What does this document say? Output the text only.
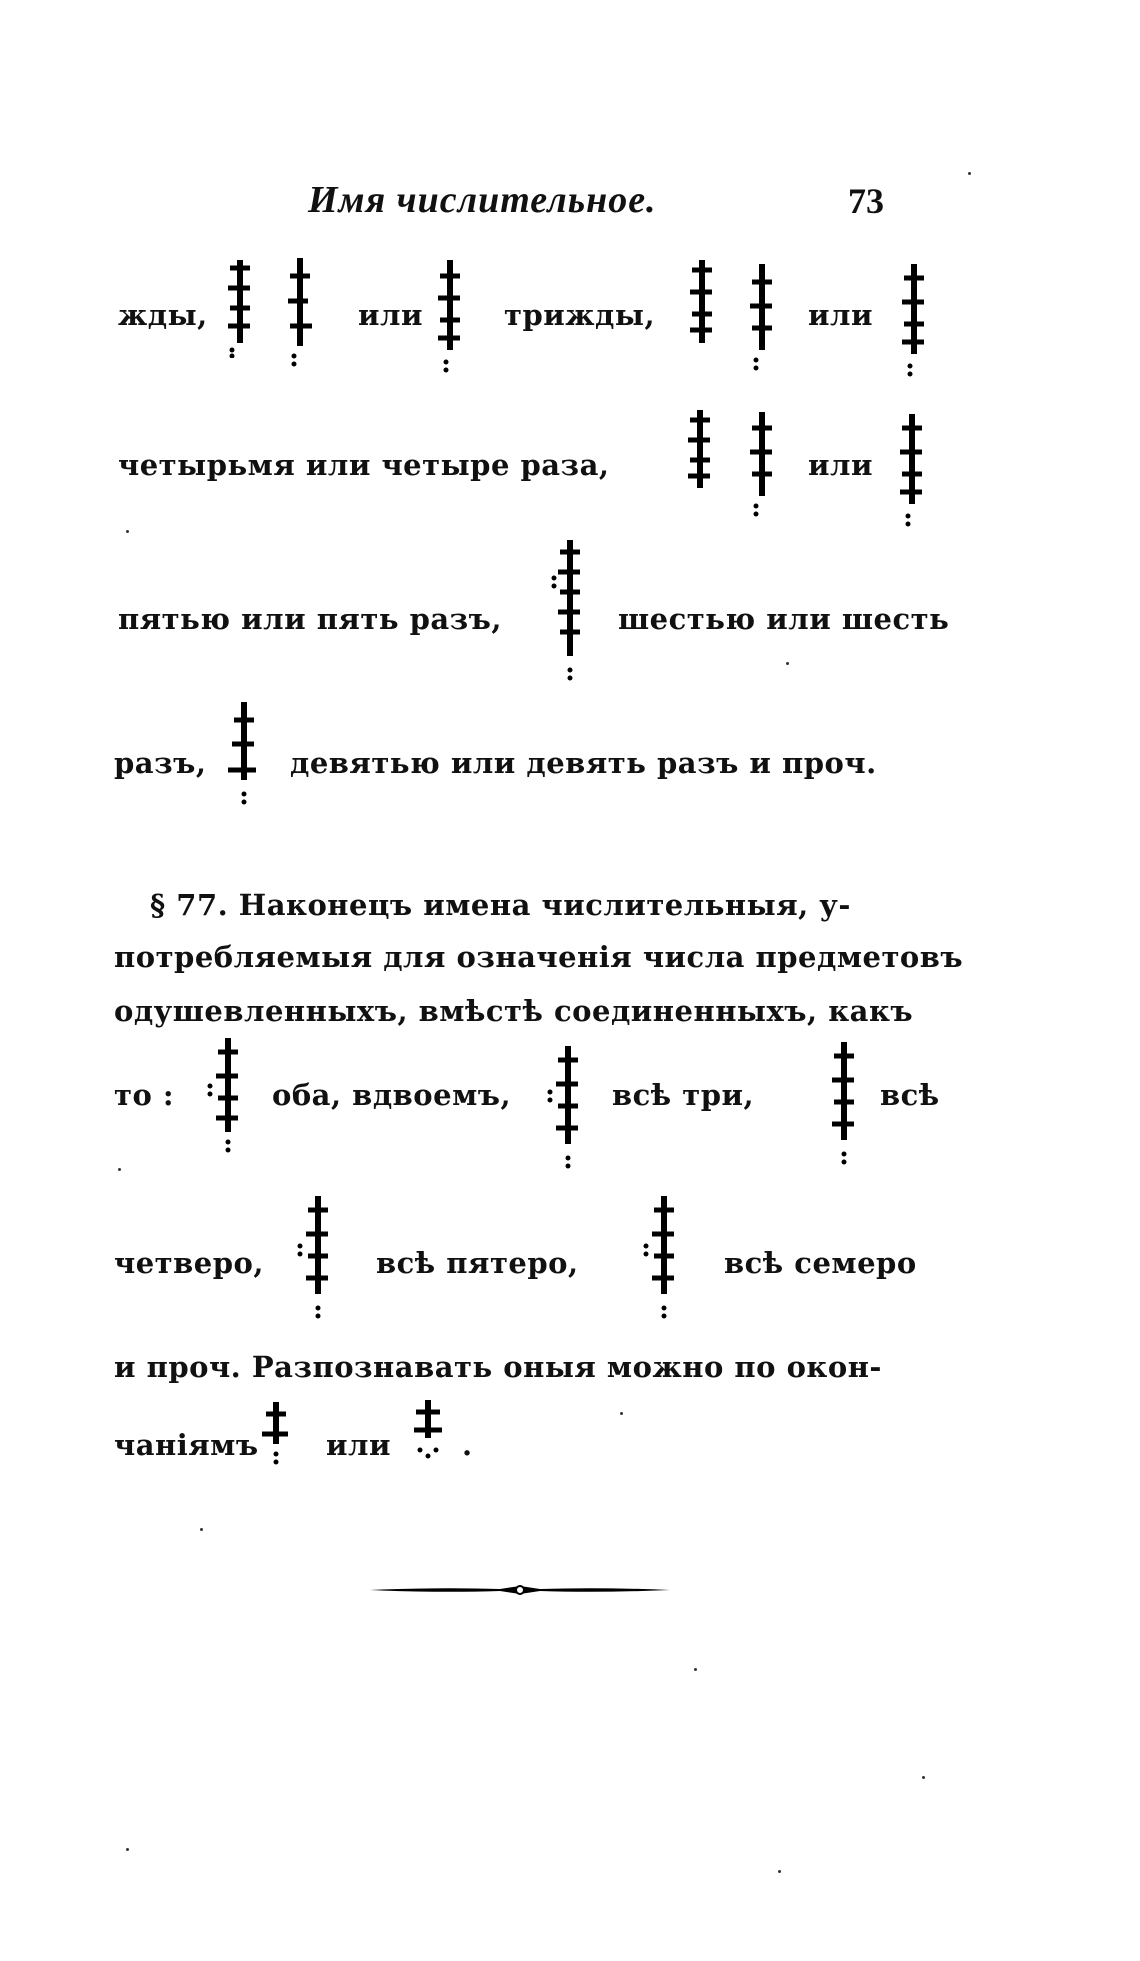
Имя числительное.	73
жды,	или	трижды,	или
четырьмя или четыре раза,	или
пятью или пять разъ,	шестью или шесть
разъ,	девятью или девять разъ и проч.
§ 77. Наконецъ имена числительныя, у-
потребляемыя для означенія числа предметовъ
одушевленныхъ, вмѣстѣ соединенныхъ, какъ
то :	оба, вдвоемъ,	всѣ три,	всѣ
четверо,	всѣ пятеро,	всѣ семеро
и проч. Разпознавать оныя можно по окон-
чаніямъ или .
